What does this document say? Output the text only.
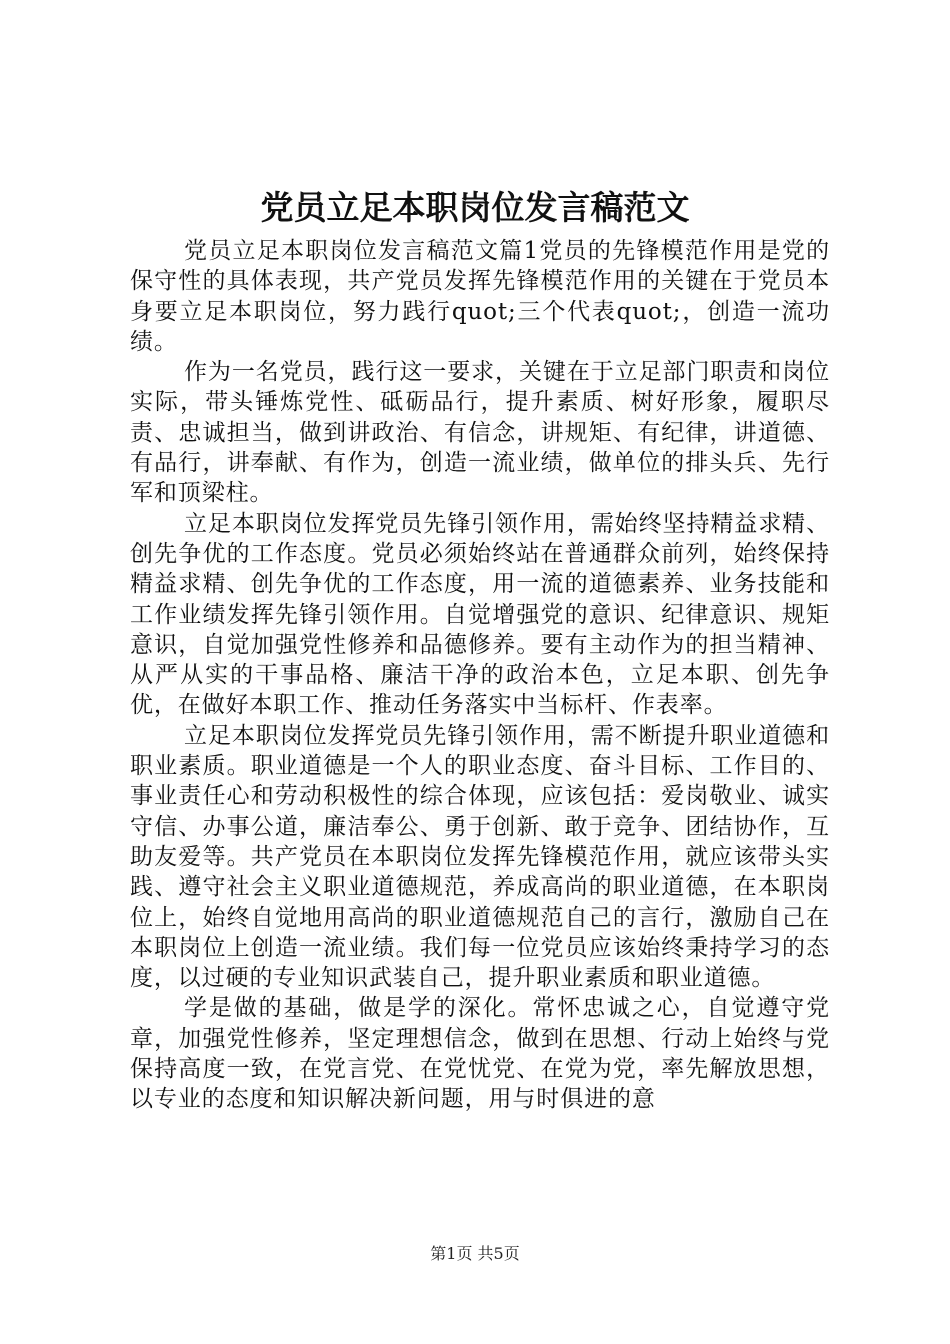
党员立足本职岗位发言稿范文

党员立足本职岗位发言稿范文篇1党员的先锋模范作用是党的保守性的具体表现，共产党员发挥先锋模范作用的关键在于党员本身要立足本职岗位，努力践行quot;三个代表quot;，创造一流功绩。

作为一名党员，践行这一要求，关键在于立足部门职责和岗位实际，带头锤炼党性、砥砺品行，提升素质、树好形象，履职尽责、忠诚担当，做到讲政治、有信念，讲规矩、有纪律，讲道德、有品行，讲奉献、有作为，创造一流业绩，做单位的排头兵、先行军和顶梁柱。

立足本职岗位发挥党员先锋引领作用，需始终坚持精益求精、创先争优的工作态度。党员必须始终站在普通群众前列，始终保持精益求精、创先争优的工作态度，用一流的道德素养、业务技能和工作业绩发挥先锋引领作用。自觉增强党的意识、纪律意识、规矩意识，自觉加强党性修养和品德修养。要有主动作为的担当精神、从严从实的干事品格、廉洁干净的政治本色，立足本职、创先争优，在做好本职工作、推动任务落实中当标杆、作表率。

立足本职岗位发挥党员先锋引领作用，需不断提升职业道德和职业素质。职业道德是一个人的职业态度、奋斗目标、工作目的、事业责任心和劳动积极性的综合体现，应该包括：爱岗敬业、诚实守信、办事公道，廉洁奉公、勇于创新、敢于竞争、团结协作，互助友爱等。共产党员在本职岗位发挥先锋模范作用，就应该带头实践、遵守社会主义职业道德规范，养成高尚的职业道德，在本职岗位上，始终自觉地用高尚的职业道德规范自己的言行，激励自己在本职岗位上创造一流业绩。我们每一位党员应该始终秉持学习的态度，以过硬的专业知识武装自己，提升职业素质和职业道德。

学是做的基础，做是学的深化。常怀忠诚之心，自觉遵守党章，加强党性修养，坚定理想信念，做到在思想、行动上始终与党保持高度一致，在党言党、在党忧党、在党为党，率先解放思想，以专业的态度和知识解决新问题，用与时俱进的意

第1页 共5页
